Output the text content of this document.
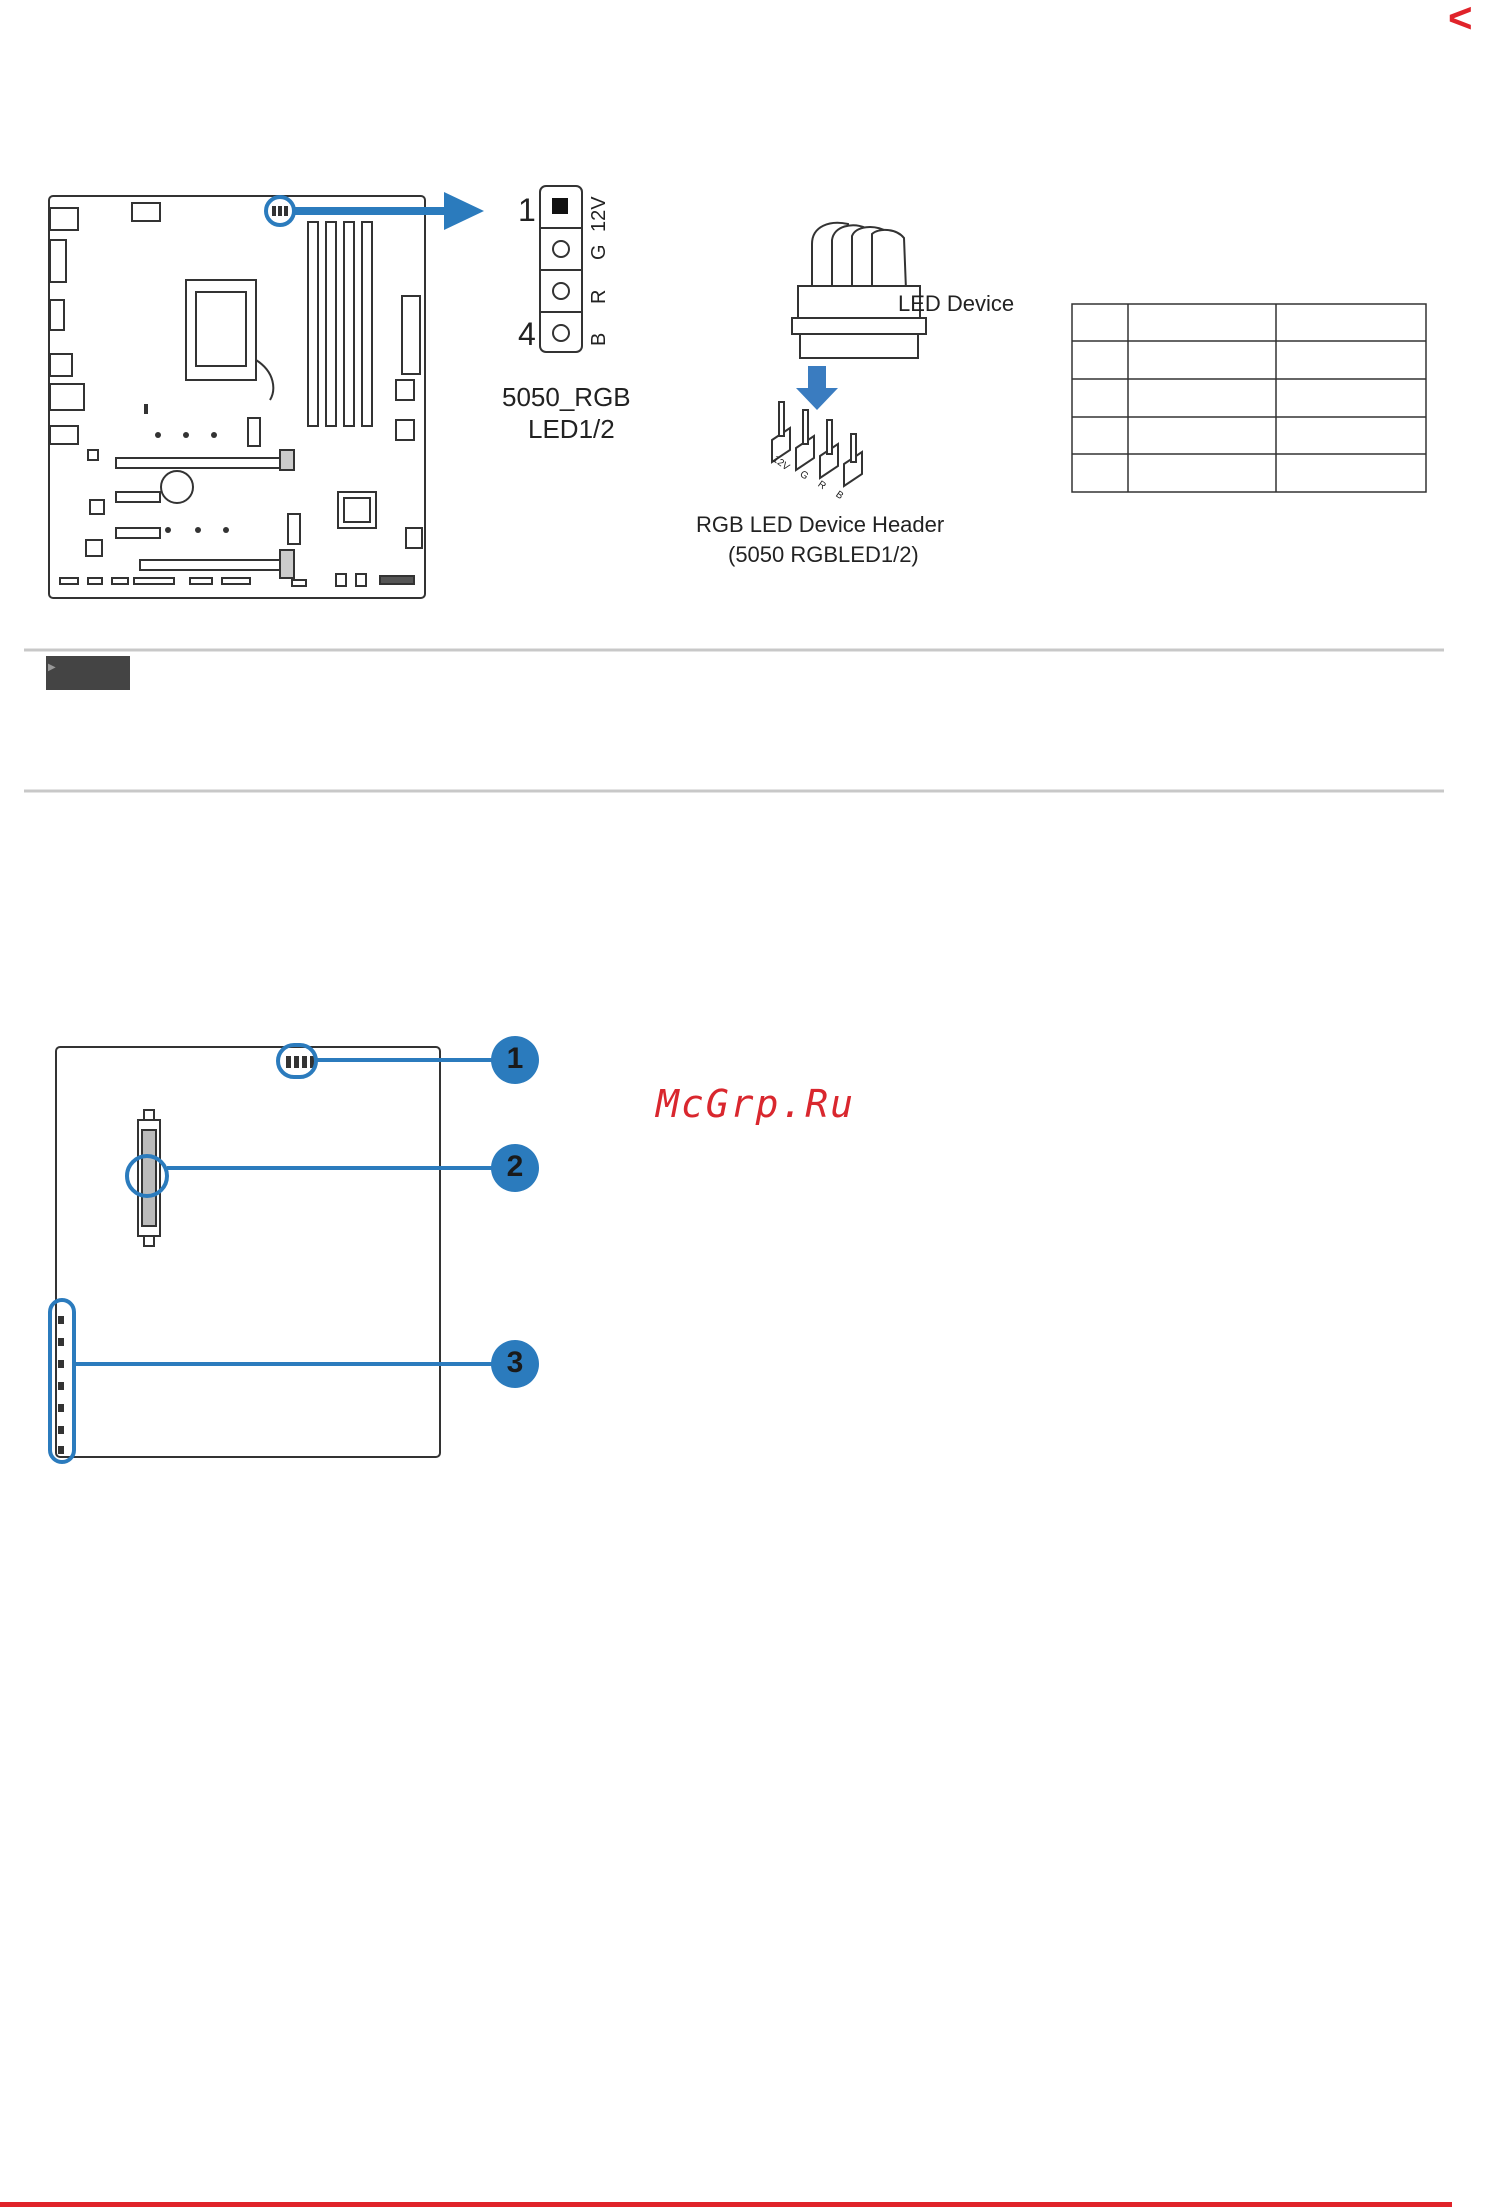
<
1
4
12V
G
R
B
5050_RGB
LED1/2
LED Device
12V
G
R
B
RGB LED Device Header
(5050 RGBLED1/2)
▶
1
2
3
McGrp.Ru
